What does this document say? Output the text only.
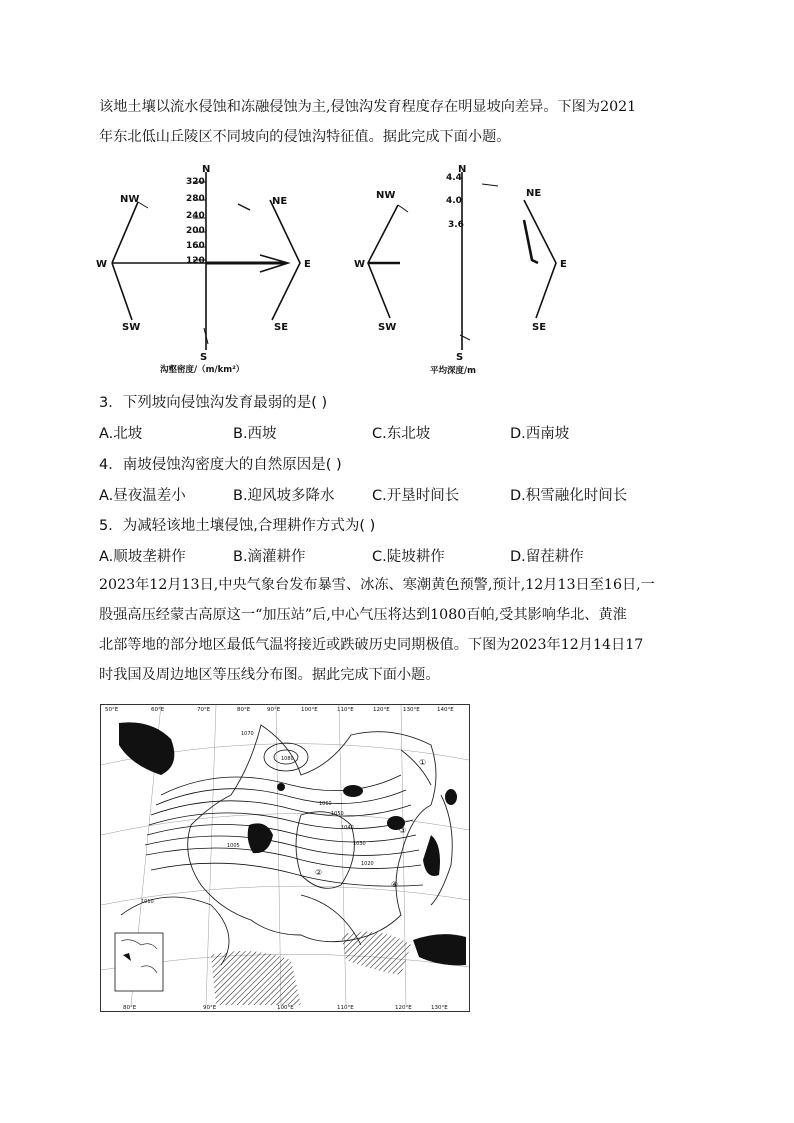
该地土壤以流水侵蚀和冻融侵蚀为主,侵蚀沟发育程度存在明显坡向差异。下图为2021
年东北低山丘陵区不同坡向的侵蚀沟特征值。据此完成下面小题。
N
NE
E
SE
S
SW
W
NW
320
280
240
200
160
120
沟壑密度/（m/km²）
N
NE
E
SE
S
SW
W
NW
4.4
4.0
3.6
平均深度/m
3．下列坡向侵蚀沟发育最弱的是( )
A.北坡	B.西坡	C.东北坡	D.西南坡
4．南坡侵蚀沟密度大的自然原因是( )
A.昼夜温差小	B.迎风坡多降水	C.开垦时间长	D.积雪融化时间长
5．为减轻该地土壤侵蚀,合理耕作方式为( )
A.顺坡垄耕作	B.滴灌耕作	C.陡坡耕作	D.留茬耕作
2023年12月13日,中央气象台发布暴雪、冰冻、寒潮黄色预警,预计,12月13日至16日,一
股强高压经蒙古高原这一“加压站”后,中心气压将达到1080百帕,受其影响华北、黄淮
北部等地的部分地区最低气温将接近或跌破历史同期极值。下图为2023年12月14日17
时我国及周边地区等压线分布图。据此完成下面小题。
50°E	60°E	70°E	80°E	90°E	100°E	110°E	120°E 130°E	140°E
80°E	90°E	100°E	110°E	120°E	130°E
1080
1070
1060
1050
1040
1030
1020
1010
1005
①
②
③
④
